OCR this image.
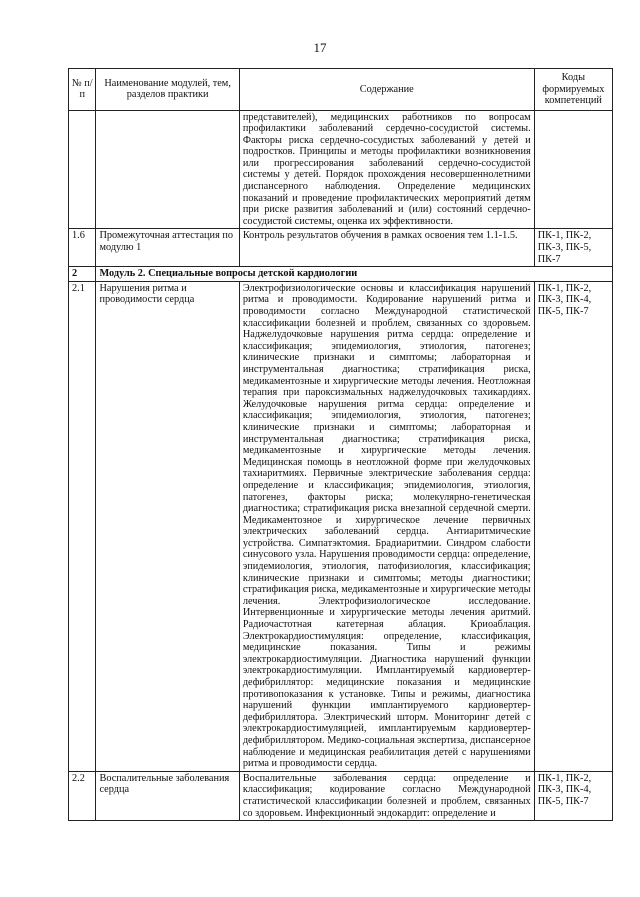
17
№ п/п	Наименование модулей, тем, разделов практики	Содержание	Коды формируемых компетенций
		представителей), медицинских работников по вопросам профилактики заболеваний сердечно-сосудистой системы. Факторы риска сердечно-сосудистых заболеваний у детей и подростков. Принципы и методы профилактики возникновения или прогрессирования заболеваний сердечно-сосудистой системы у детей. Порядок прохождения несовершеннолетними диспансерного наблюдения. Определение медицинских показаний и проведение профилактических мероприятий детям при риске развития заболеваний и (или) состояний сердечно-сосудистой системы, оценка их эффективности.	
1.6	Промежуточная аттестация по модулю 1	Контроль результатов обучения в рамках освоения тем 1.1-1.5.	ПК-1, ПК-2, ПК-3, ПК-5, ПК-7
2	Модуль 2. Специальные вопросы детской кардиологии		
2.1	Нарушения ритма и проводимости сердца	Электрофизиологические основы и классификация нарушений ритма и проводимости. Кодирование нарушений ритма и проводимости согласно Международной статистической классификации болезней и проблем, связанных со здоровьем. Наджелудочковые нарушения ритма сердца: определение и классификация; эпидемиология, этиология, патогенез; клинические признаки и симптомы; лабораторная и инструментальная диагностика; стратификация риска, медикаментозные и хирургические методы лечения. Неотложная терапия при пароксизмальных наджелудочковых тахикардиях. Желудочковые нарушения ритма сердца: определение и классификация; эпидемиология, этиология, патогенез; клинические признаки и симптомы; лабораторная и инструментальная диагностика; стратификация риска, медикаментозные и хирургические методы лечения. Медицинская помощь в неотложной форме при желудочковых тахиаритмиях. Первичные электрические заболевания сердца: определение и классификация; эпидемиология, этиология, патогенез, факторы риска; молекулярно-генетическая диагностика; стратификация риска внезапной сердечной смерти. Медикаментозное и хирургическое лечение первичных электрических заболеваний сердца. Антиаритмические устройства. Симпатэктомия. Брадиаритмии. Синдром слабости синусового узла. Нарушения проводимости сердца: определение, эпидемиология, этиология, патофизиология, классификация; клинические признаки и симптомы; методы диагностики; стратификация риска, медикаментозные и хирургические методы лечения. Электрофизиологическое исследование. Интервенционные и хирургические методы лечения аритмий. Радиочастотная катетерная аблация. Криоаблация. Электрокардиостимуляция: определение, классификация, медицинские показания. Типы и режимы электрокардиостимуляции. Диагностика нарушений функции электрокардиостимуляции. Имплантируемый кардиовертер-дефибриллятор: медицинские показания и медицинские противопоказания к установке. Типы и режимы, диагностика нарушений функции имплантируемого кардиовертер-дефибриллятора. Электрический шторм. Мониторинг детей с электрокардиостимуляцией, имплантируемым кардиовертер-дефибриллятором. Медико-социальная экспертиза, диспансерное наблюдение и медицинская реабилитация детей с нарушениями ритма и проводимости сердца.	ПК-1, ПК-2, ПК-3, ПК-4, ПК-5, ПК-7
2.2	Воспалительные заболевания сердца	Воспалительные заболевания сердца: определение и классификация; кодирование согласно Международной статистической классификации болезней и проблем, связанных со здоровьем. Инфекционный эндокардит: определение и	ПК-1, ПК-2, ПК-3, ПК-4, ПК-5, ПК-7
